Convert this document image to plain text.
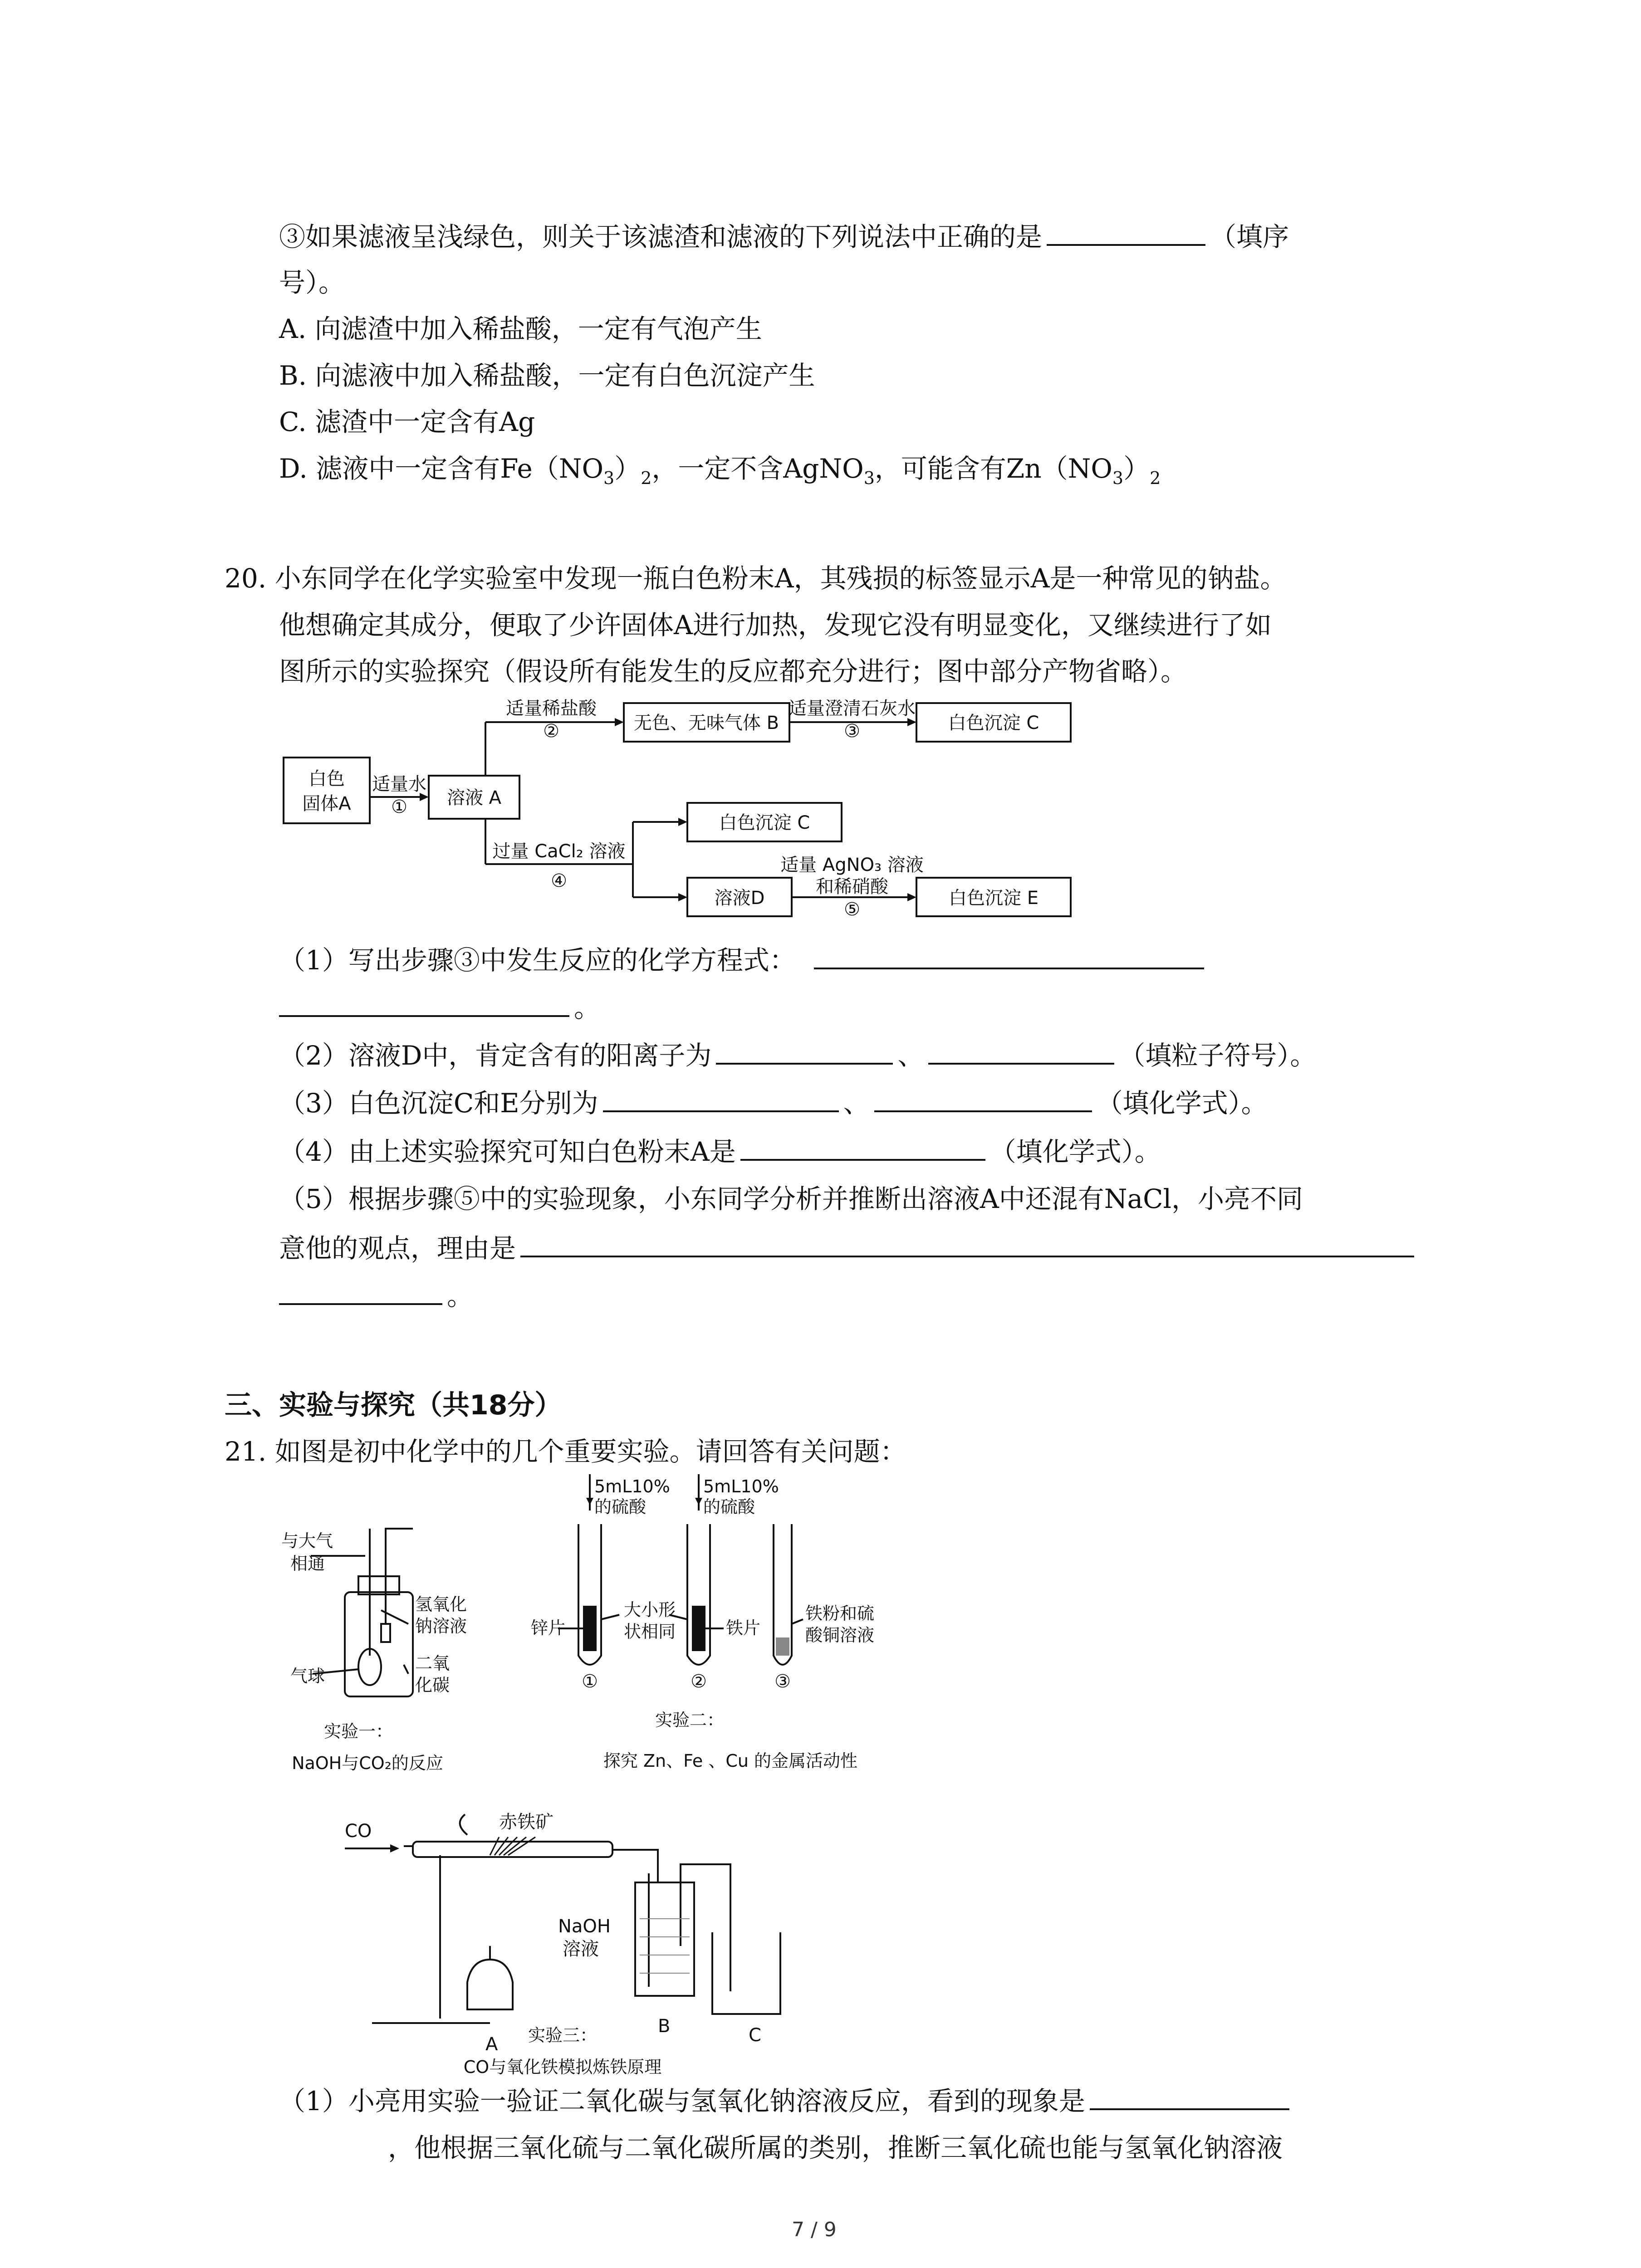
③如果滤液呈浅绿色，则关于该滤渣和滤液的下列说法中正确的是	（填序
号）。
A. 向滤渣中加入稀盐酸，一定有气泡产生
B. 向滤液中加入稀盐酸，一定有白色沉淀产生
C. 滤渣中一定含有Ag
D. 滤液中一定含有$Fe(NO_3)_2$，一定不含AgNO$_3$，可能含有$Zn(NO_3)_2$
20. 小东同学在化学实验室中发现一瓶白色粉末A，其残损的标签显示A是一种常见的钠盐。
他想确定其成分，便取了少许固体A进行加热，发现它没有明显变化，又继续进行了如
图所示的实验探究（假设所有能发生的反应都充分进行；图中部分产物省略）。
白色
固体A
适量水
① 溶液 A
适量稀盐酸
②	无色、无味气体 B
适量澄清石灰水
③	白色沉淀 C
过量 CaCl₂ 溶液
④
白色沉淀 C
溶液D
适量 AgNO₃ 溶液
和稀硝酸
⑤
白色沉淀 E
（1）写出步骤③中发生反应的化学方程式：
。
（2）溶液D中，肯定含有的阳离子为	、	（填粒子符号）。
（3）白色沉淀C和E分别为	、	（填化学式）。
（4）由上述实验探究可知白色粉末A是	（填化学式）。
（5）根据步骤⑤中的实验现象，小东同学分析并推断出溶液A中还混有NaCl，小亮不同
意他的观点，理由是
。
三、实验与探究（共18分）
21. 如图是初中化学中的几个重要实验。请回答有关问题：
与大气
相通
氢氧化
钠溶液
气球
二氧
化碳
实验一：
NaOH与CO₂的反应
5mL10%
的硫酸
5mL10%
的硫酸
锌片
大小形
状相同	铁片
铁粉和硫
酸铜溶液
①	②	③
实验二：
探究 Zn、Fe 、Cu 的金属活动性
CO	赤铁矿
NaOH
溶液
A
B	C
实验三：
CO与氧化铁模拟炼铁原理
（1）小亮用实验一验证二氧化碳与氢氧化钠溶液反应，看到的现象是
，他根据三氧化硫与二氧化碳所属的类别，推断三氧化硫也能与氢氧化钠溶液
7 / 9
